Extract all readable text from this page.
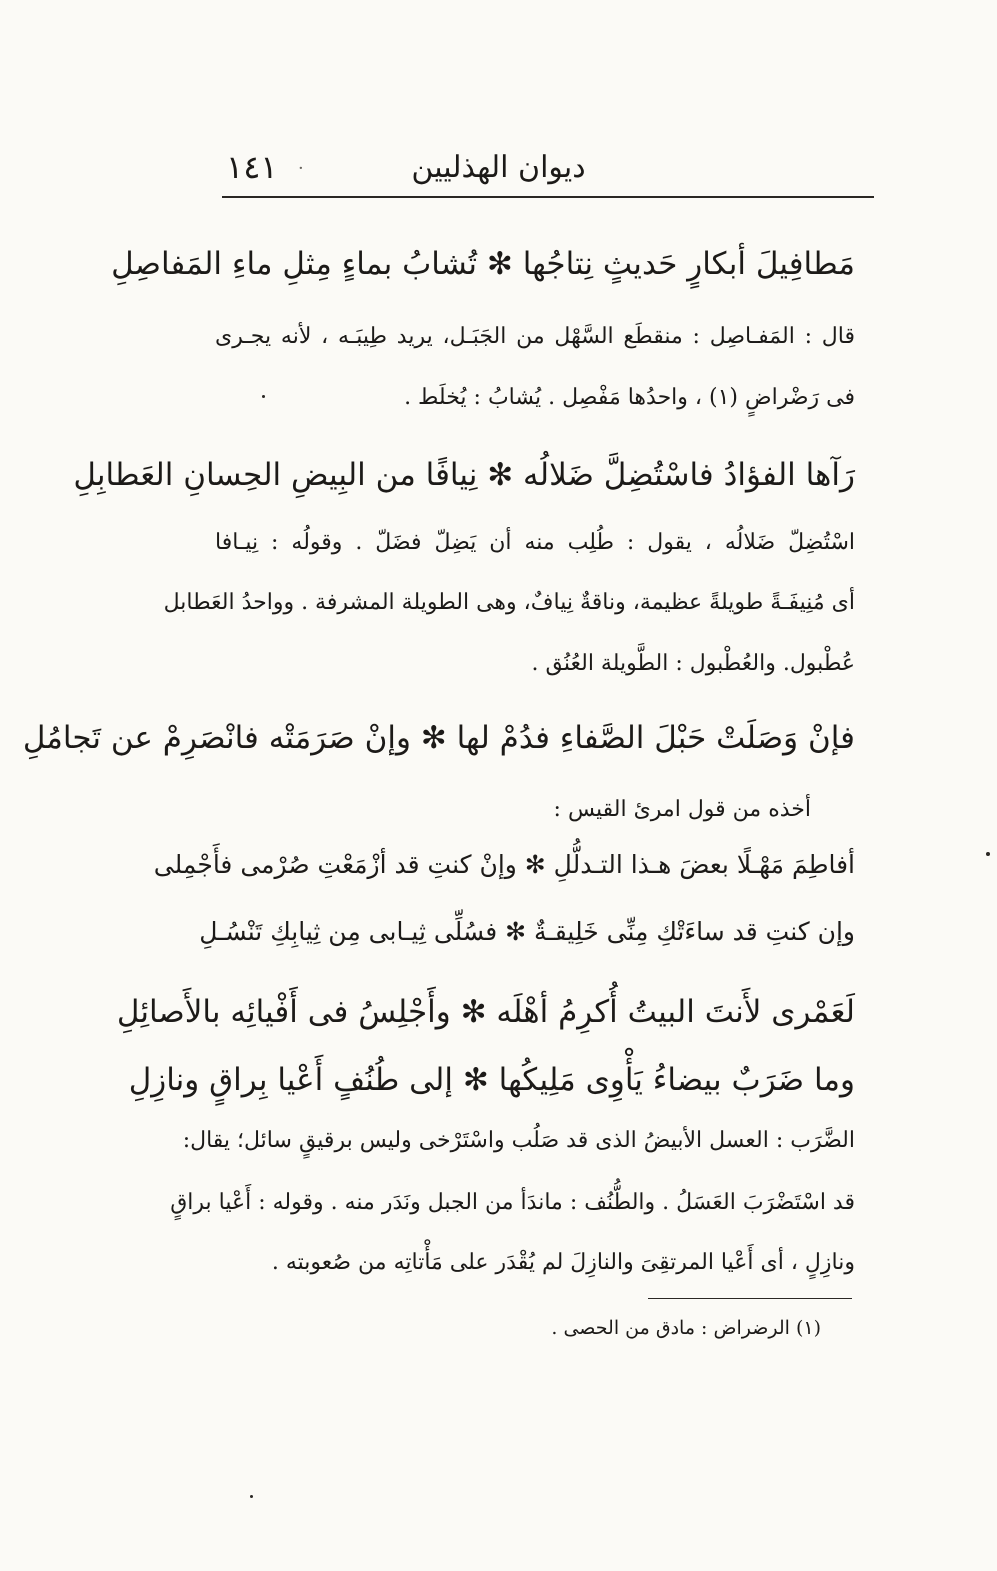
١٤١ ·	ديوان الهذليين
مَطافِيلَ أبكارٍ حَديثٍ نِتاجُها ✻ تُشابُ بماءٍ مِثلِ ماءِ المَفاصِلِ
قال : المَفـاصِل : منقطَع السَّهْل من الجَبَـل، يريد طِيبَـه ، لأنه يجـرى
فى رَضْراضٍ (١) ، واحدُها مَفْصِل . يُشابُ : يُخلَط .
رَآها الفؤادُ فاسْتُضِلَّ ضَلالُه ✻ نِيافًا من البِيضِ الحِسانِ العَطابِلِ
اسْتُضِلّ ضَلالُه ، يقول : طُلِب منه أن يَضِلّ فضَلّ . وقولُه : نِيـافا
أى مُنِيفَـةً طويلةً عظيمة، وناقةٌ نِيافٌ، وهى الطويلة المشرفة . وواحدُ العَطابل
عُطْبول. والعُطْبول : الطَّويلة العُنُق .
فإنْ وَصَلَتْ حَبْلَ الصَّفاءِ فدُمْ لها ✻ وإنْ صَرَمَتْه فانْصَرِمْ عن تَجامُلِ
أخذه من قول امرئ القيس :
أفاطِمَ مَهْـلًا بعضَ هـذا التـدلُّلِ ✻ وإنْ كنتِ قد أزْمَعْتِ صُرْمى فأَجْمِلى
وإن كنتِ قد ساءَتْكِ مِنِّى خَلِيقـةٌ ✻ فسُلِّى ثِيـابى مِن ثِيابِكِ تَنْسُـلِ
لَعَمْرى لأَنتَ البيتُ أُكرِمُ أهْلَه ✻ وأَجْلِسُ فى أَفْيائِه بالأَصائِلِ
وما ضَرَبٌ بيضاءُ يَأْوِى مَلِيكُها ✻ إلى طُنُفٍ أَعْيا بِراقٍ ونازِلِ
الضَّرَب : العسل الأبيضُ الذى قد صَلُب واسْتَرْخى وليس برقيقٍ سائل؛ يقال:
قد اسْتَضْرَبَ العَسَلُ . والطُّنُف : ماندَأ من الجبل ونَدَر منه . وقوله : أَعْيا براقٍ
ونازِلٍ ، أى أَعْيا المرتقِىَ والنازِلَ لم يُقْدَر على مَأْتاتِه من صُعوبته .
(١) الرضراض : مادق من الحصى .
